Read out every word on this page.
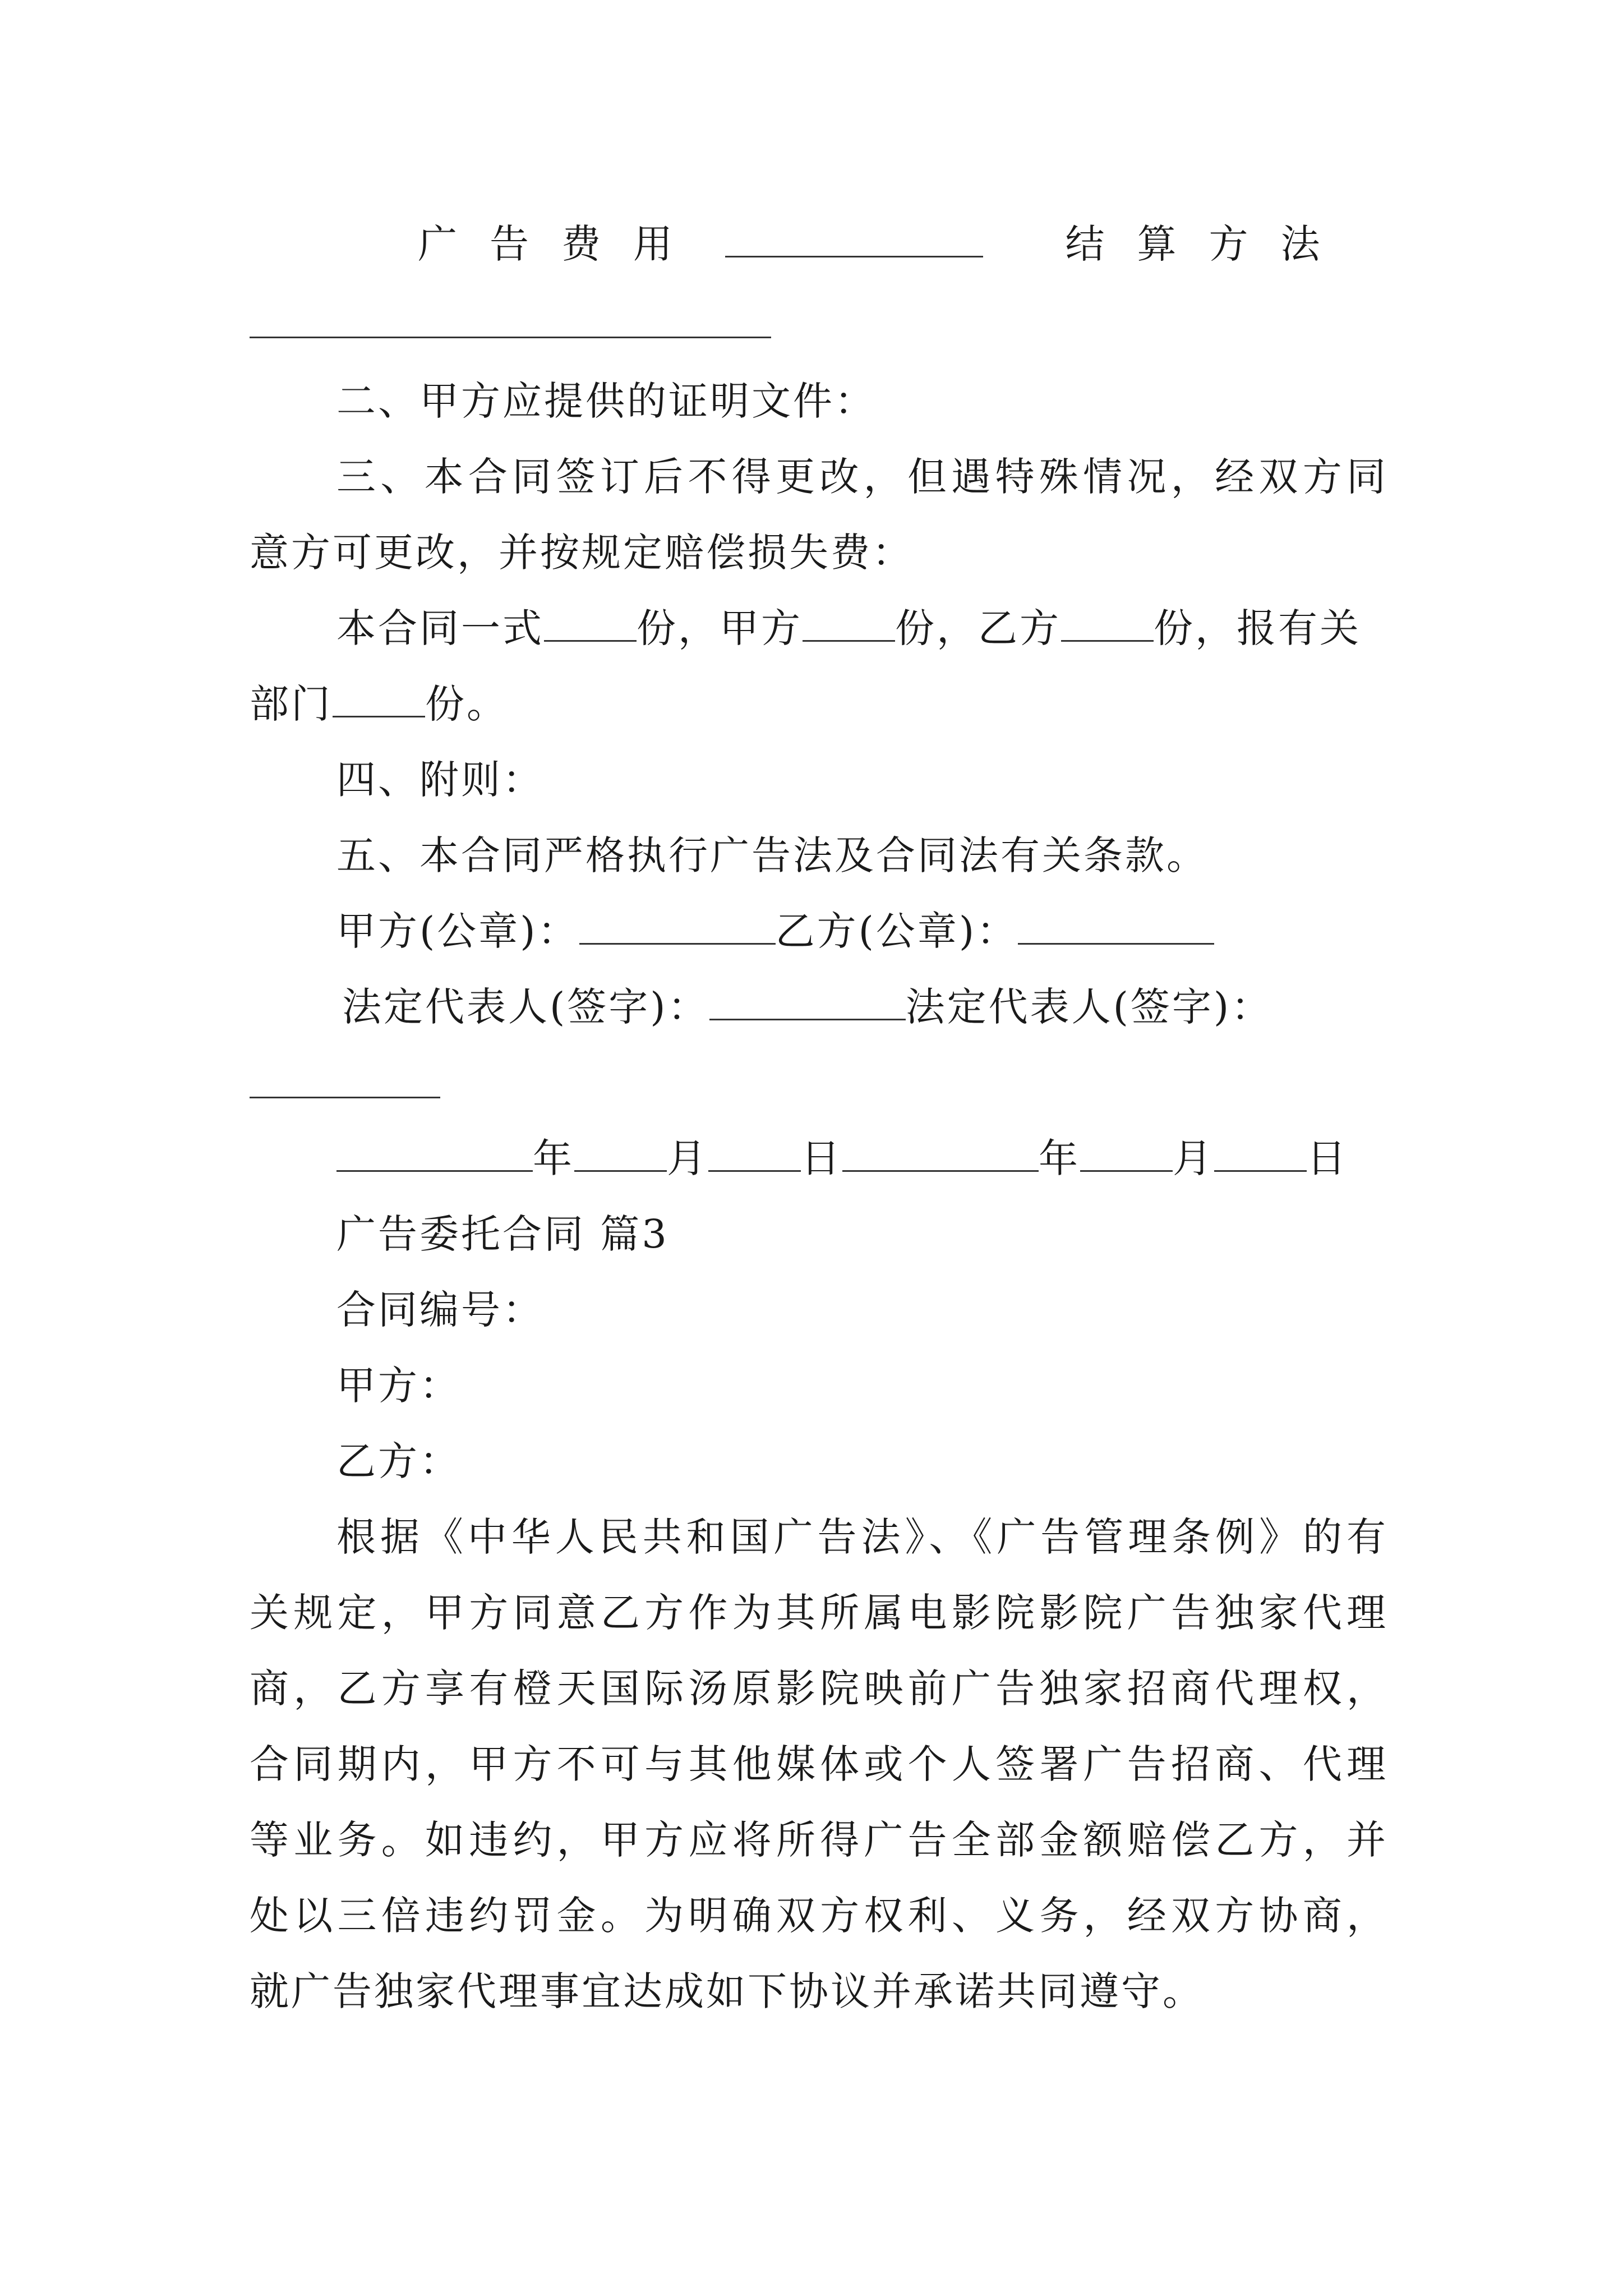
广告费用	结算方法
二、甲方应提供的证明文件：
三、本合同签订后不得更改，但遇特殊情况，经双方同
意方可更改，并按规定赔偿损失费：
本合同一式 份，甲方 份，乙方 份，报有关
部门 份。
四、附则：
五、本合同严格执行广告法及合同法有关条款。
甲方(公章)：	乙方(公章)：
法定代表人(签字)：	法定代表人(签字)：
年 月 日	年 月 日
广告委托合同 篇3
合同编号：
甲方：
乙方：
根据《中华人民共和国广告法》、《广告管理条例》的有
关规定，甲方同意乙方作为其所属电影院影院广告独家代理
商，乙方享有橙天国际汤原影院映前广告独家招商代理权，
合同期内，甲方不可与其他媒体或个人签署广告招商、代理
等业务。如违约，甲方应将所得广告全部金额赔偿乙方，并
处以三倍违约罚金。为明确双方权利、义务，经双方协商，
就广告独家代理事宜达成如下协议并承诺共同遵守。
